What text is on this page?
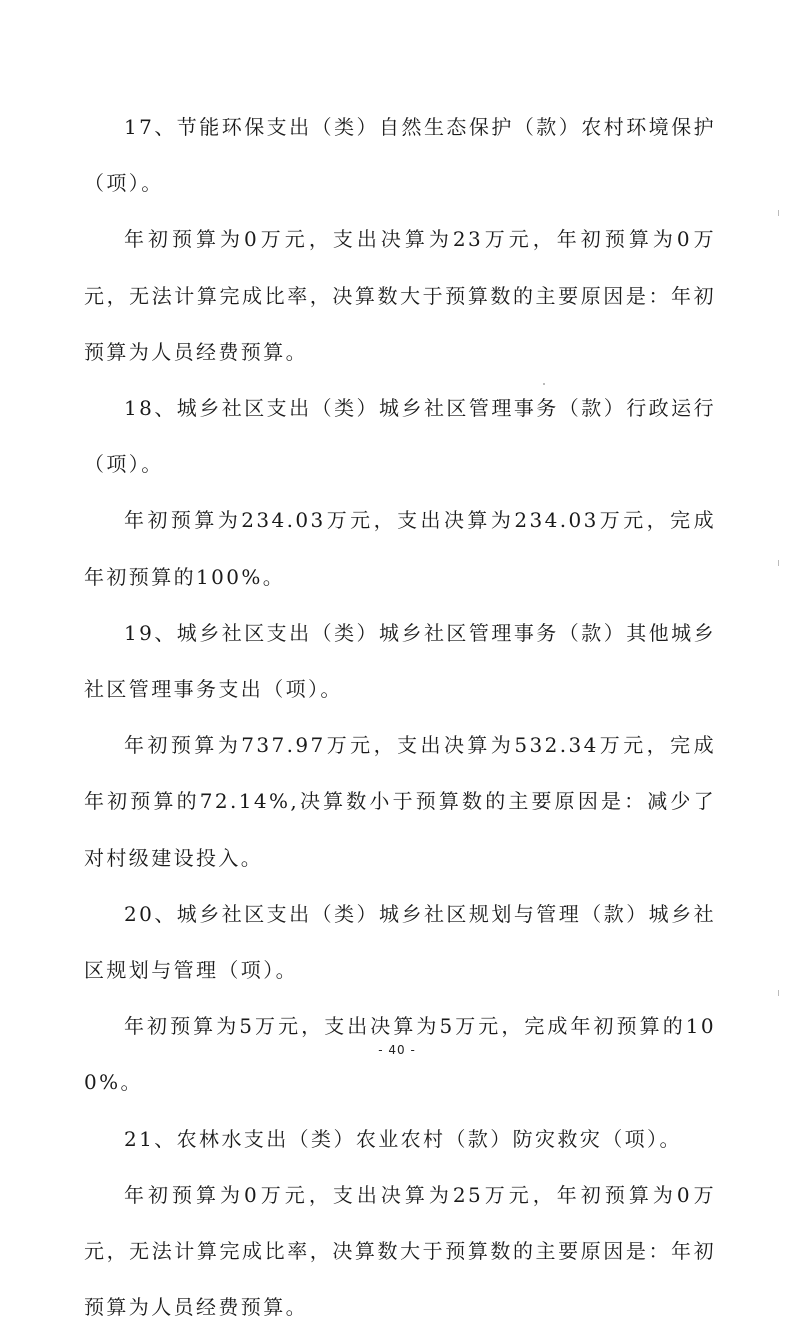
17、节能环保支出（类）自然生态保护（款）农村环境保护（项）。

年初预算为0万元，支出决算为23万元，年初预算为0万元，无法计算完成比率，决算数大于预算数的主要原因是：年初预算为人员经费预算。

18、城乡社区支出（类）城乡社区管理事务（款）行政运行（项）。

年初预算为234.03万元，支出决算为234.03万元，完成年初预算的100%。

19、城乡社区支出（类）城乡社区管理事务（款）其他城乡社区管理事务支出（项）。

年初预算为737.97万元，支出决算为532.34万元，完成年初预算的72.14%,决算数小于预算数的主要原因是：减少了对村级建设投入。

20、城乡社区支出（类）城乡社区规划与管理（款）城乡社区规划与管理（项）。

年初预算为5万元，支出决算为5万元，完成年初预算的100%。

21、农林水支出（类）农业农村（款）防灾救灾（项）。

年初预算为0万元，支出决算为25万元，年初预算为0万元，无法计算完成比率，决算数大于预算数的主要原因是：年初预算为人员经费预算。

- 40 -
